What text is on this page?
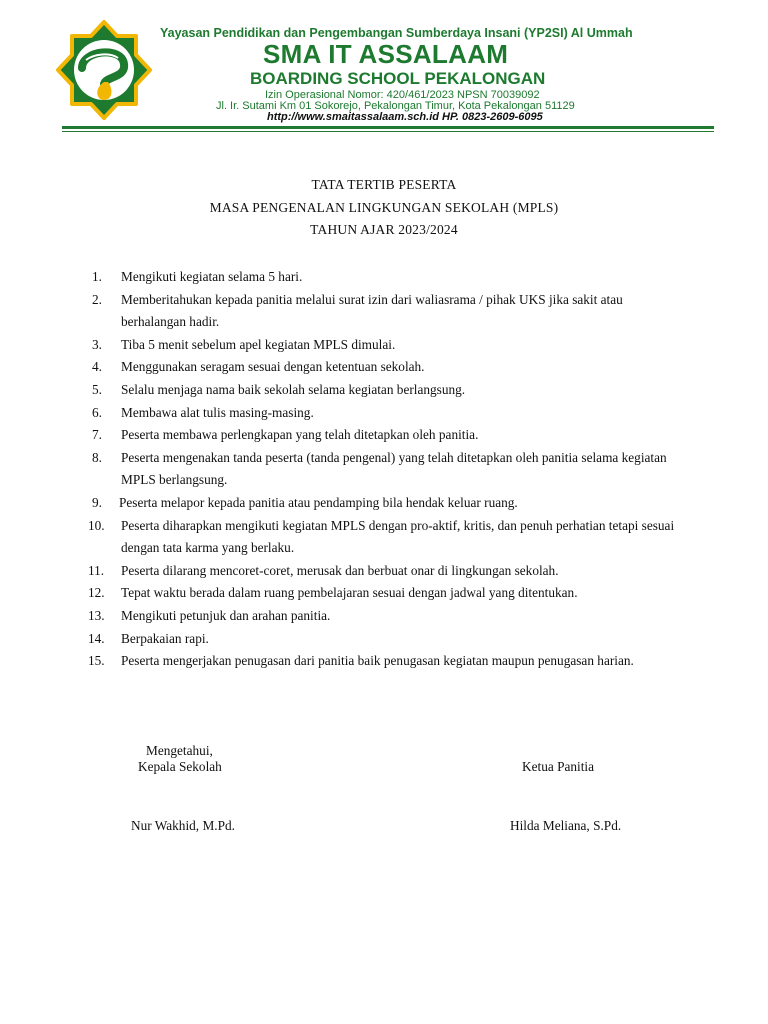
Yayasan Pendidikan dan Pengembangan Sumberdaya Insani (YP2SI) Al Ummah
SMA IT ASSALAAM
BOARDING SCHOOL PEKALONGAN
Izin Operasional Nomor: 420/461/2023 NPSN 70039092
Jl. Ir. Sutami Km 01 Sokorejo, Pekalongan Timur, Kota Pekalongan 51129
http://www.smaitassalaam.sch.id HP. 0823-2609-6095
TATA TERTIB PESERTA
MASA PENGENALAN LINGKUNGAN SEKOLAH (MPLS)
TAHUN AJAR 2023/2024
1. Mengikuti kegiatan selama 5 hari.
2. Memberitahukan kepada panitia melalui surat izin dari waliasrama / pihak UKS jika sakit atau berhalangan hadir.
3. Tiba 5 menit sebelum apel kegiatan MPLS dimulai.
4. Menggunakan seragam sesuai dengan ketentuan sekolah.
5. Selalu menjaga nama baik sekolah selama kegiatan berlangsung.
6. Membawa alat tulis masing-masing.
7. Peserta membawa perlengkapan yang telah ditetapkan oleh panitia.
8. Peserta mengenakan tanda peserta (tanda pengenal) yang telah ditetapkan oleh panitia selama kegiatan MPLS berlangsung.
9. Peserta melapor kepada panitia atau pendamping bila hendak keluar ruang.
10. Peserta diharapkan mengikuti kegiatan MPLS dengan pro-aktif, kritis, dan penuh perhatian tetapi sesuai dengan tata karma yang berlaku.
11. Peserta dilarang mencoret-coret, merusak dan berbuat onar di lingkungan sekolah.
12. Tepat waktu berada dalam ruang pembelajaran sesuai dengan jadwal yang ditentukan.
13. Mengikuti petunjuk dan arahan panitia.
14. Berpakaian rapi.
15. Peserta mengerjakan penugasan dari panitia baik penugasan kegiatan maupun penugasan harian.
Mengetahui,
Kepala Sekolah	Ketua Panitia
Nur Wakhid, M.Pd.	Hilda Meliana, S.Pd.
